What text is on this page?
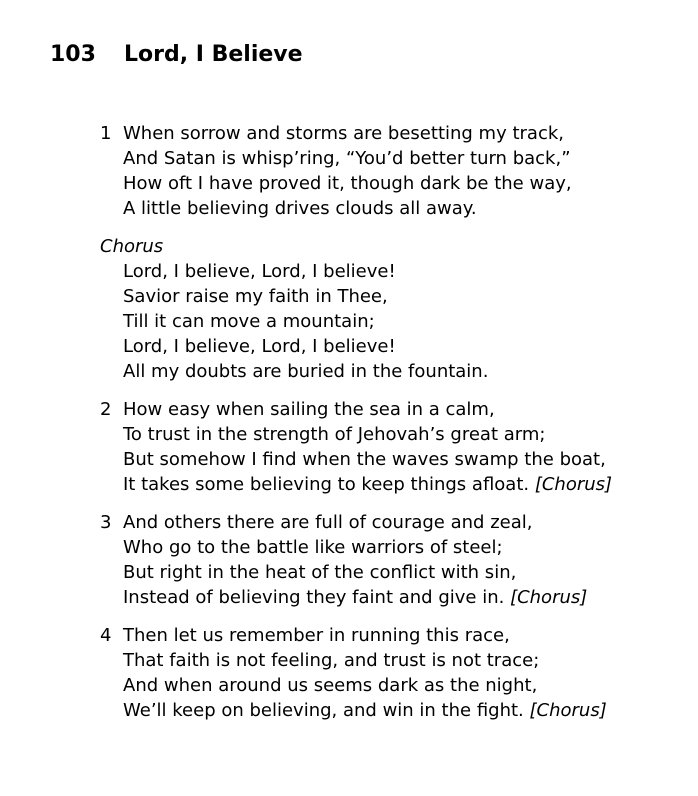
103 Lord, I Believe
1 When sorrow and storms are besetting my track,
And Satan is whisp’ring, “You’d better turn back,”
How oft I have proved it, though dark be the way,
A little believing drives clouds all away.
Chorus
Lord, I believe, Lord, I believe!
Savior raise my faith in Thee,
Till it can move a mountain;
Lord, I believe, Lord, I believe!
All my doubts are buried in the fountain.
2 How easy when sailing the sea in a calm,
To trust in the strength of Jehovah’s great arm;
But somehow I find when the waves swamp the boat,
It takes some believing to keep things afloat. [Chorus]
3 And others there are full of courage and zeal,
Who go to the battle like warriors of steel;
But right in the heat of the conflict with sin,
Instead of believing they faint and give in. [Chorus]
4 Then let us remember in running this race,
That faith is not feeling, and trust is not trace;
And when around us seems dark as the night,
We’ll keep on believing, and win in the fight. [Chorus]
